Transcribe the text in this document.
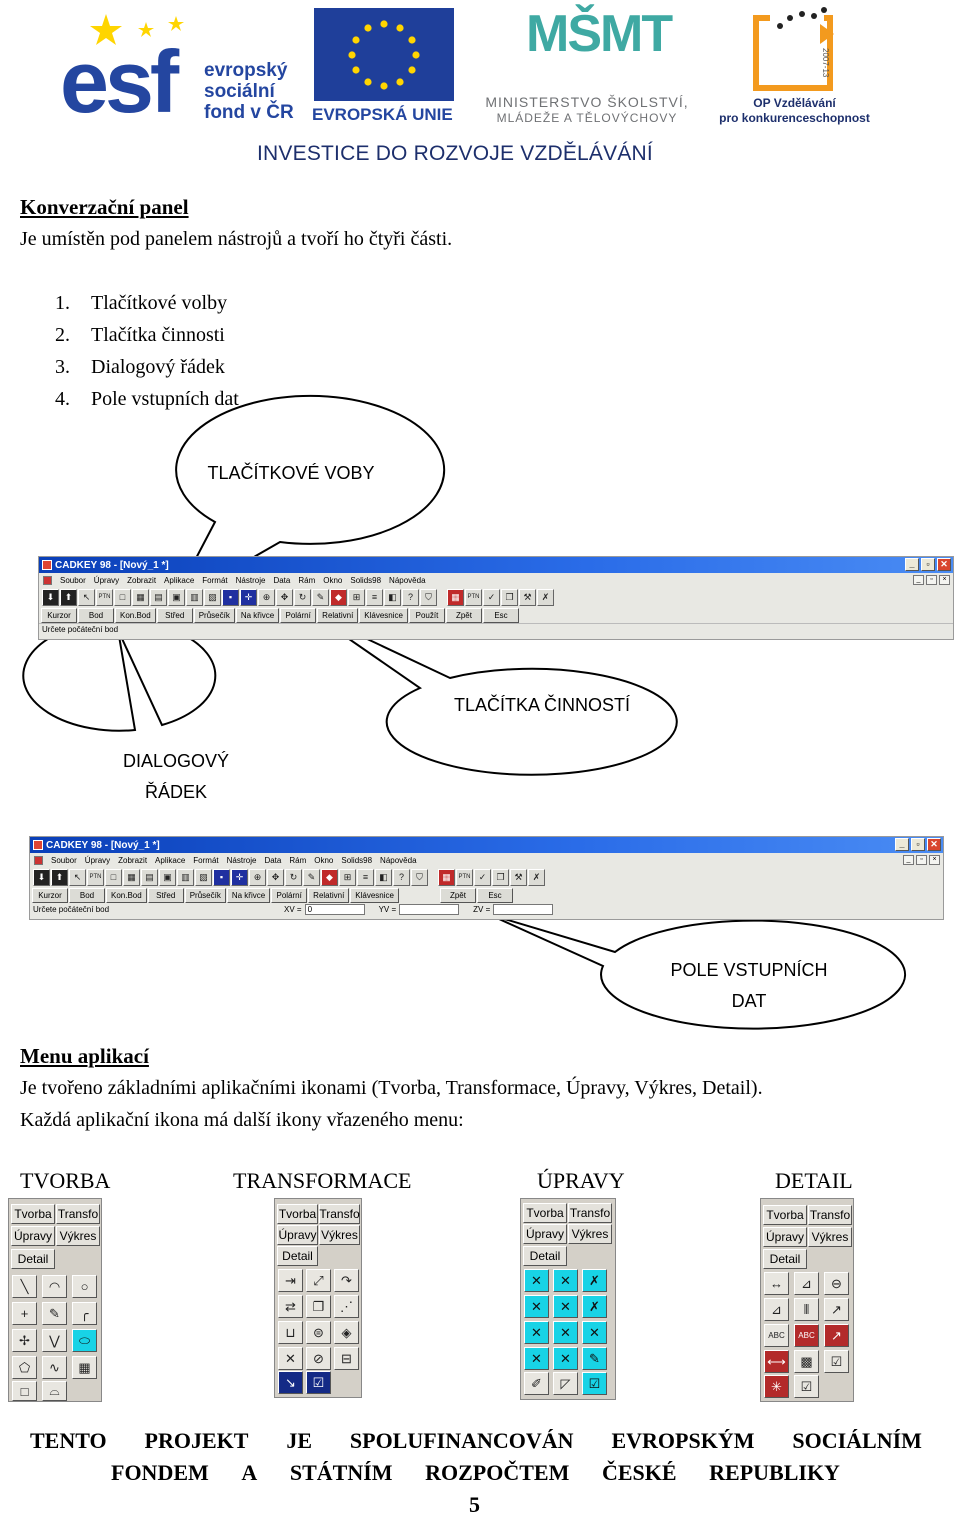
esf evropský
sociální
fond v ČR EVROPSKÁ UNIE
MŠMT
MINISTERSTVO ŠKOLSTVÍ,
MLÁDEŽE A TĚLOVÝCHOVY
2007-13
OP Vzdělávání
pro konkurenceschopnost
INVESTICE DO ROZVOJE VZDĚLÁVÁNÍ
Konverzační panel
Je umístěn pod panelem nástrojů a tvoří ho čtyři části.
1. Tlačítkové volby
2. Tlačítka činnosti
3. Dialogový řádek
4. Pole vstupních dat
TLAČÍTKOVÉ VOBY
TLAČÍTKA ČINNOSTÍ
DIALOGOVÝ
ŘÁDEK
POLE VSTUPNÍCH
DAT
CADKEY 98 - [Nový_1 *]	_	▫	✕
Soubor Úpravy Zobrazit Aplikace Formát Nástroje Data Rám Okno Solids98 Nápověda	_	▫	×
⬇	⬆	↖	PTN	□	▦	▤	▣	▥	▧	▪	✛	⊕	✥	↻	✎	◆	⊞	≡	◧	?	⛉	▦	PTN ✓	❐	⚒	✗
Kurzor	Bod	Kon.Bod	Střed	Průsečík	Na křivce	Polární	Relativní	Klávesnice	Použít	Zpět	Esc
Určete počáteční bod
CADKEY 98 - [Nový_1 *]	_	▫	✕
Soubor Úpravy Zobrazit Aplikace Formát Nástroje Data Rám Okno Solids98 Nápověda	_	▫	×
⬇	⬆	↖	PTN	□	▦	▤	▣	▥	▧	▪	✛	⊕	✥	↻	✎	◆	⊞	≡	◧	?	⛉	▦	PTN ✓	❐	⚒	✗
Kurzor	Bod	Kon.Bod	Střed	Průsečík	Na křivce	Polární	Relativní	Klávesnice	Zpět	Esc
Určete počáteční bod	XV = 0	YV =	ZV =
Menu aplikací
Je tvořeno základními aplikačními ikonami (Tvorba, Transformace, Úpravy, Výkres, Detail).
Každá aplikační ikona má další ikony vřazeného menu:
TVORBA	TRANSFORMACE	ÚPRAVY	DETAIL
Tvorba Transfo
Úpravy Výkres
Detail
╲	◠	○
+	✎	╭
✢	⋁	⬭
⬠	∿	▦
□	⌓
Tvorba Transfo
Úpravy Výkres
Detail
⇥	⤢	↷
⇄	❐	⋰
⊔	⊜	◈
✕	⊘	⊟
↘	☑
Tvorba Transfo
Úpravy Výkres
Detail
✕	✕	✗
✕	✕	✗
✕	✕	✕
✕	✕	✎
✐	◸	☑
Tvorba Transfo
Úpravy Výkres
Detail
↔	⊿	⊖
⊿	⦀	↗
ABC	ABC	↗
⟷	▩	☑
✳	☑
TENTO PROJEKT JE SPOLUFINANCOVÁN EVROPSKÝM SOCIÁLNÍM
FONDEM A STÁTNÍM ROZPOČTEM ČESKÉ REPUBLIKY
5
